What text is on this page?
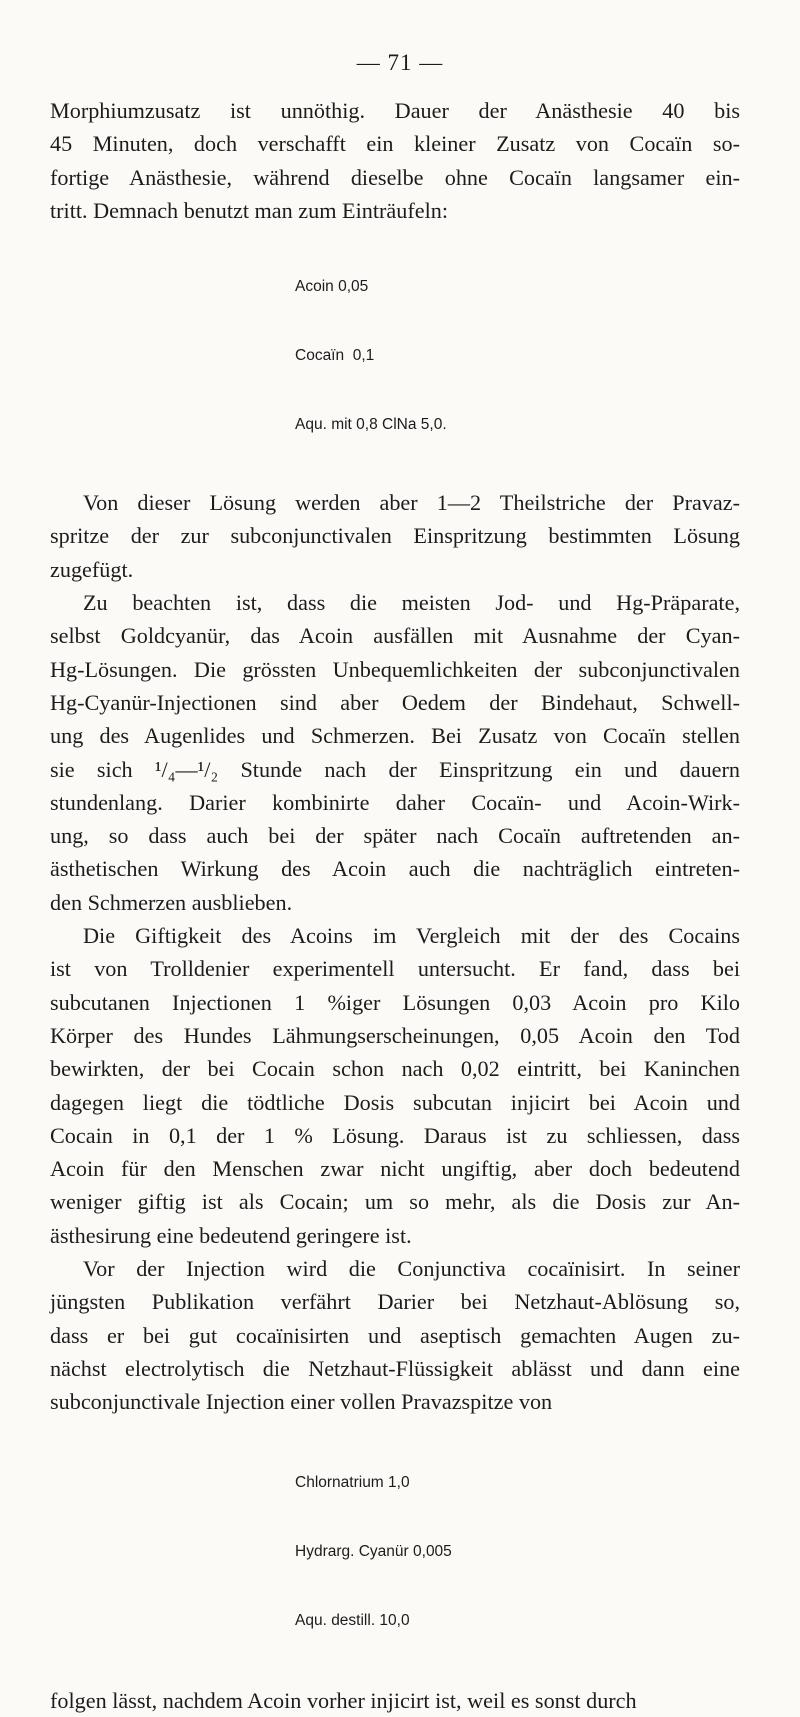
— 71 —
Morphiumzusatz ist unnöthig. Dauer der Anästhesie 40 bis
45 Minuten, doch verschafft ein kleiner Zusatz von Cocaïn so-
fortige Anästhesie, während dieselbe ohne Cocaïn langsamer ein-
tritt. Demnach benutzt man zum Einträufeln:

Acoin 0,05

Cocaïn  0,1

Aqu. mit 0,8 ClNa 5,0.

Von dieser Lösung werden aber 1—2 Theilstriche der Pravaz-
spritze der zur subconjunctivalen Einspritzung bestimmten Lösung
zugefügt.
Zu beachten ist, dass die meisten Jod- und Hg-Präparate,
selbst Goldcyanür, das Acoin ausfällen mit Ausnahme der Cyan-
Hg-Lösungen. Die grössten Unbequemlichkeiten der subconjunctivalen
Hg-Cyanür-Injectionen sind aber Oedem der Bindehaut, Schwell-
ung des Augenlides und Schmerzen. Bei Zusatz von Cocaïn stellen
sie sich ¹/₄—¹/₂ Stunde nach der Einspritzung ein und dauern
stundenlang. Darier kombinirte daher Cocaïn- und Acoin-Wirk-
ung, so dass auch bei der später nach Cocaïn auftretenden an-
ästhetischen Wirkung des Acoin auch die nachträglich eintreten-
den Schmerzen ausblieben.
Die Giftigkeit des Acoins im Vergleich mit der des Cocains
ist von Trolldenier experimentell untersucht. Er fand, dass bei
subcutanen Injectionen 1 %iger Lösungen 0,03 Acoin pro Kilo
Körper des Hundes Lähmungserscheinungen, 0,05 Acoin den Tod
bewirkten, der bei Cocain schon nach 0,02 eintritt, bei Kaninchen
dagegen liegt die tödtliche Dosis subcutan injicirt bei Acoin und
Cocain in 0,1 der 1 % Lösung. Daraus ist zu schliessen, dass
Acoin für den Menschen zwar nicht ungiftig, aber doch bedeutend
weniger giftig ist als Cocain; um so mehr, als die Dosis zur An-
ästhesirung eine bedeutend geringere ist.
Vor der Injection wird die Conjunctiva cocaïnisirt. In seiner
jüngsten Publikation verfährt Darier bei Netzhaut-Ablösung so,
dass er bei gut cocaïnisirten und aseptisch gemachten Augen zu-
nächst electrolytisch die Netzhaut-Flüssigkeit ablässt und dann eine
subconjunctivale Injection einer vollen Pravazspitze von

Chlornatrium 1,0

Hydrarg. Cyanür 0,005

Aqu. destill. 10,0

folgen lässt, nachdem Acoin vorher injicirt ist, weil es sonst durch
